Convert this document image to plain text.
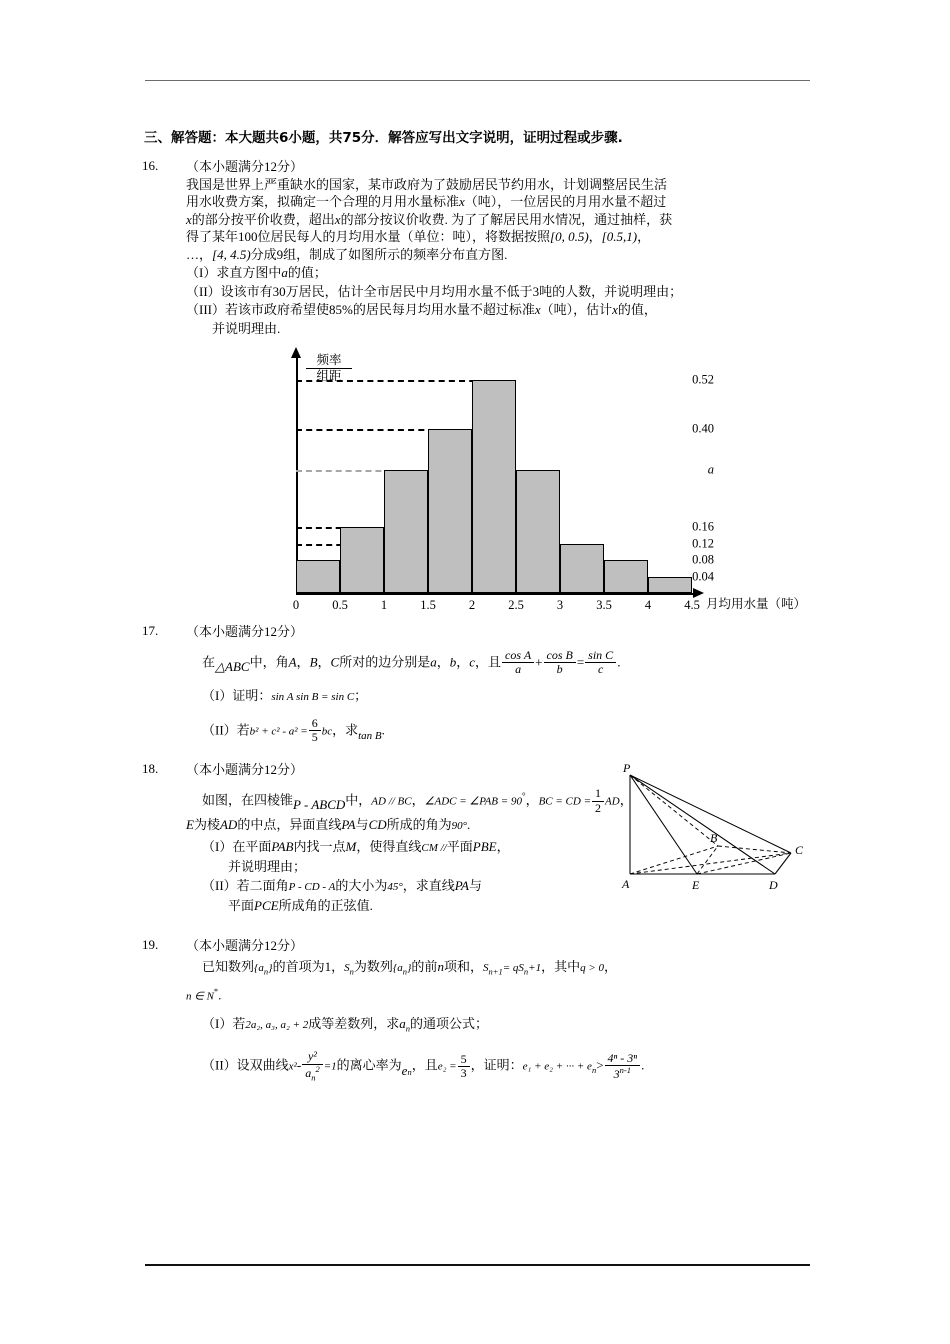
三、解答题：本大题共6小题，共75分．解答应写出文字说明，证明过程或步骤.
16.	（本小题满分12分）
我国是世界上严重缺水的国家，某市政府为了鼓励居民节约用水，计划调整居民生活
用水收费方案，拟确定一个合理的月用水量标准x（吨），一位居民的月用水量不超过
x的部分按平价收费，超出x的部分按议价收费. 为了了解居民用水情况，通过抽样，获
得了某年100位居民每人的月均用水量（单位：吨），将数据按照[0, 0.5)，[0.5,1)，
…，[4, 4.5)分成9组，制成了如图所示的频率分布直方图.
（I）求直方图中a的值；
（II）设该市有30万居民，估计全市居民中月均用水量不低于3吨的人数，并说明理由；
（III）若该市政府希望使85%的居民每月均用水量不超过标准x（吨），估计x的值，
并说明理由.
频率
组距	0.52
0.40
a
0.16
0.12
0.08
0.04
0	0.5	1	1.5	2	2.5	3	3.5	4	4.5 月均用水量（吨）
17.	（本小题满分12分）
在△ABC中，角A，B，C所对的边分别是a，b，c，且 $\frac{\text{cos A}}{a} + \frac{\text{cos B}}{b} = \frac{\text{sin C}}{c}$ .
（I）证明：sin A sin B = sin C；
（II）若$b^2 + c^2 - a^2 = \frac{6}{5}$ bc，求tan B.
18.	（本小题满分12分）
如图，在四棱锥P - ABCD中，AD // BC，∠ADC = ∠PAB = 90°，BC = CD = $\frac{1}{2}$ AD，
E为棱AD的中点，异面直线PA与CD所成的角为90°.
（I）在平面PAB内找一点M，使得直线CM //平面PBE，
并说明理由；
（II）若二面角P - CD - A的大小为45°，求直线PA与
平面PCE所成角的正弦值.
P
A	E	D
B
C
19.	（本小题满分12分）
已知数列$\{a_n\}$的首项为1，$S_n$为数列$\{a_n\}$的前n项和，$S_{n+1}= qS_n+1$，其中q > 0，
n ∈ N*.
（I）若2a₂, a₃, a₂ + 2成等差数列，求$a_n$的通项公式；
（II）设双曲线$x^2- \frac{\text{y²}}{a_n^2} =1$的离心率为$e_n$，且$e_2 = \frac{5}{3}$ ，证明：e₁ + e₂ + ··· + $e_n> \frac{\text{4ⁿ - 3ⁿ}}{3^{n-1}}$ .
